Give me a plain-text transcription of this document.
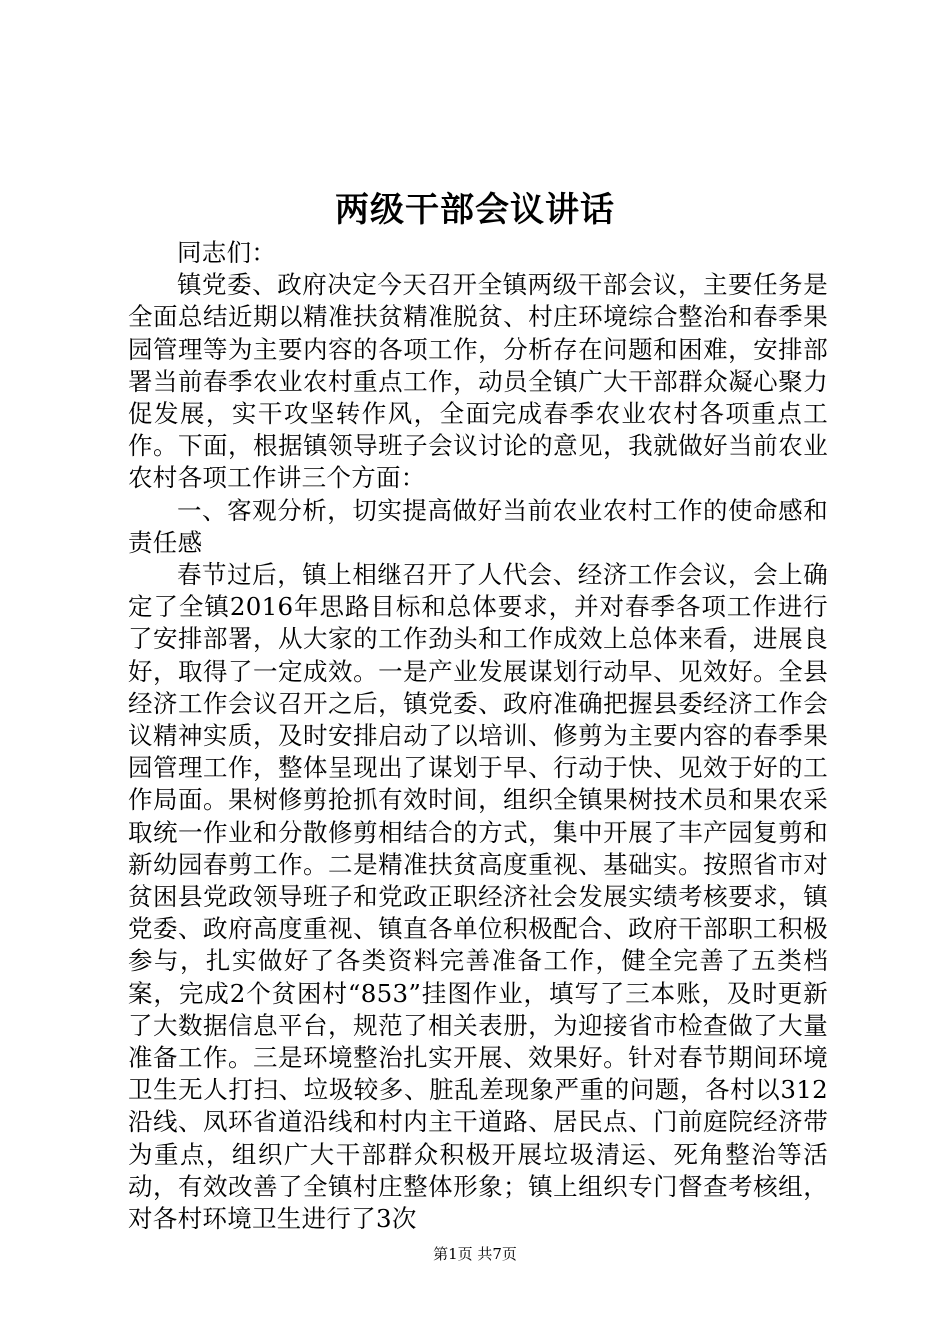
两级干部会议讲话

同志们：

镇党委、政府决定今天召开全镇两级干部会议，主要任务是全面总结近期以精准扶贫精准脱贫、村庄环境综合整治和春季果园管理等为主要内容的各项工作，分析存在问题和困难，安排部署当前春季农业农村重点工作，动员全镇广大干部群众凝心聚力促发展，实干攻坚转作风，全面完成春季农业农村各项重点工作。下面，根据镇领导班子会议讨论的意见，我就做好当前农业农村各项工作讲三个方面：

一、客观分析，切实提高做好当前农业农村工作的使命感和责任感

春节过后，镇上相继召开了人代会、经济工作会议，会上确定了全镇2016年思路目标和总体要求，并对春季各项工作进行了安排部署，从大家的工作劲头和工作成效上总体来看，进展良好，取得了一定成效。一是产业发展谋划行动早、见效好。全县经济工作会议召开之后，镇党委、政府准确把握县委经济工作会议精神实质，及时安排启动了以培训、修剪为主要内容的春季果园管理工作，整体呈现出了谋划于早、行动于快、见效于好的工作局面。果树修剪抢抓有效时间，组织全镇果树技术员和果农采取统一作业和分散修剪相结合的方式，集中开展了丰产园复剪和新幼园春剪工作。二是精准扶贫高度重视、基础实。按照省市对贫困县党政领导班子和党政正职经济社会发展实绩考核要求，镇党委、政府高度重视、镇直各单位积极配合、政府干部职工积极参与，扎实做好了各类资料完善准备工作，健全完善了五类档案，完成2个贫困村“853”挂图作业，填写了三本账，及时更新了大数据信息平台，规范了相关表册，为迎接省市检查做了大量准备工作。三是环境整治扎实开展、效果好。针对春节期间环境卫生无人打扫、垃圾较多、脏乱差现象严重的问题，各村以312沿线、凤环省道沿线和村内主干道路、居民点、门前庭院经济带为重点，组织广大干部群众积极开展垃圾清运、死角整治等活动，有效改善了全镇村庄整体形象；镇上组织专门督查考核组，对各村环境卫生进行了3次

第1页 共7页
